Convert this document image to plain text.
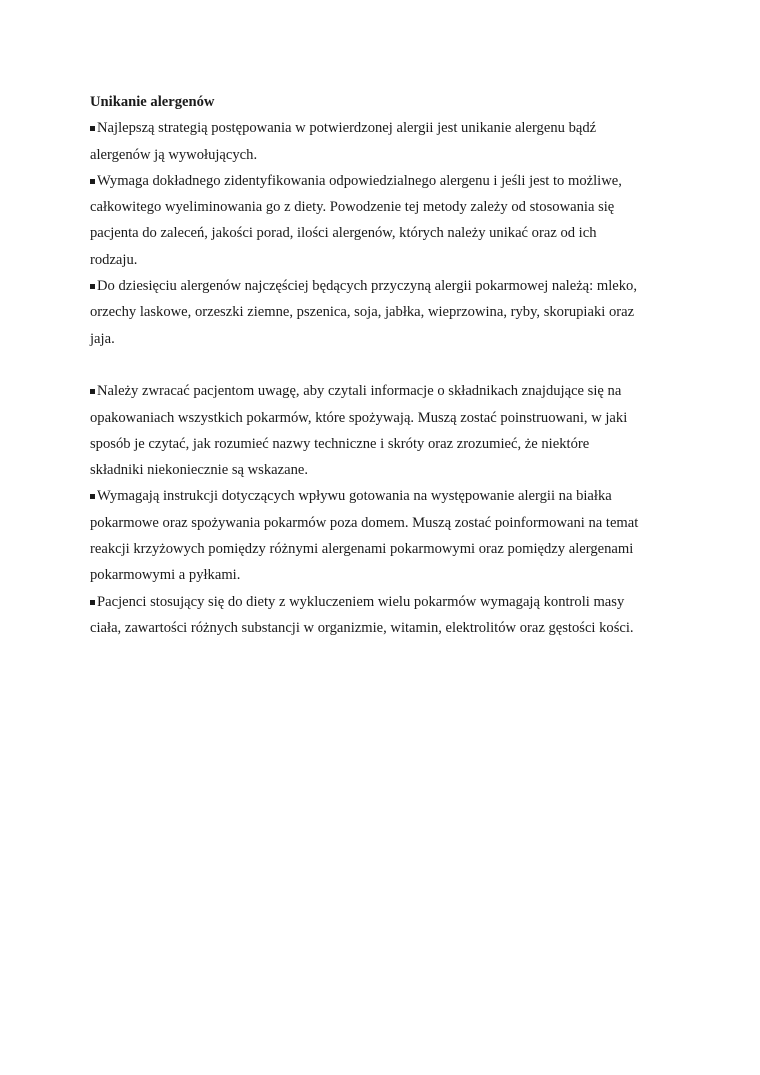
Unikanie alergenów
Najlepszą strategią postępowania w potwierdzonej alergii jest unikanie alergenu bądź
alergenów ją wywołujących.
Wymaga dokładnego zidentyfikowania odpowiedzialnego alergenu i jeśli jest to możliwe,
całkowitego wyeliminowania go z diety. Powodzenie tej metody zależy od stosowania się
pacjenta do zaleceń, jakości porad, ilości alergenów, których należy unikać oraz od ich
rodzaju.
Do dziesięciu alergenów najczęściej będących przyczyną alergii pokarmowej należą: mleko,
orzechy laskowe, orzeszki ziemne, pszenica, soja, jabłka, wieprzowina, ryby, skorupiaki oraz
jaja.
Należy zwracać pacjentom uwagę, aby czytali informacje o składnikach znajdujące się na
opakowaniach wszystkich pokarmów, które spożywają. Muszą zostać poinstruowani, w jaki
sposób je czytać, jak rozumieć nazwy techniczne i skróty oraz zrozumieć, że niektóre
składniki niekoniecznie są wskazane.
Wymagają instrukcji dotyczących wpływu gotowania na występowanie alergii na białka
pokarmowe oraz spożywania pokarmów poza domem. Muszą zostać poinformowani na temat
reakcji krzyżowych pomiędzy różnymi alergenami pokarmowymi oraz pomiędzy alergenami
pokarmowymi a pyłkami.
Pacjenci stosujący się do diety z wykluczeniem wielu pokarmów wymagają kontroli masy
ciała, zawartości różnych substancji w organizmie, witamin, elektrolitów oraz gęstości kości.
